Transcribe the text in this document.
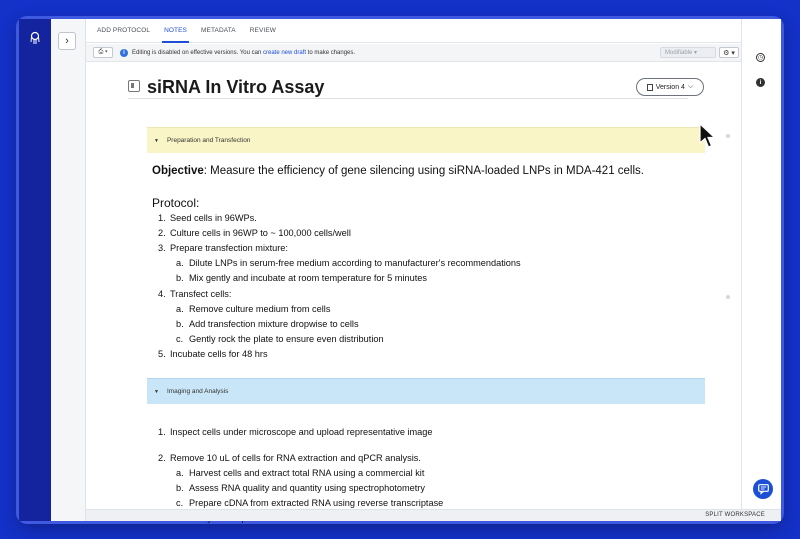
›
ADD PROTOCOL	NOTES	METADATA	REVIEW
⎙ ▾	i	Editing is disabled on effective versions. You can create new draft to make changes.	Modifiable ▾	⚙ ▾
siRNA In Vitro Assay	Version 4 ⌵
▼ Preparation and Transfection
Objective: Measure the efficiency of gene silencing using siRNA-loaded LNPs in MDA-421 cells.
Protocol:
1. Seed cells in 96WPs.
2. Culture cells in 96WP to ~ 100,000 cells/well
3. Prepare transfection mixture:
a. Dilute LNPs in serum-free medium according to manufacturer's recommendations
b. Mix gently and incubate at room temperature for 5 minutes
4. Transfect cells:
a. Remove culture medium from cells
b. Add transfection mixture dropwise to cells
c. Gently rock the plate to ensure even distribution
5. Incubate cells for 48 hrs
▼ Imaging and Analysis
1. Inspect cells under microscope and upload representative image
2. Remove 10 uL of cells for RNA extraction and qPCR analysis.
a. Harvest cells and extract total RNA using a commercial kit
b. Assess RNA quality and quantity using spectrophotometry
c. Prepare cDNA from extracted RNA using reverse transcriptase
◷
i
SPLIT WORKSPACE
